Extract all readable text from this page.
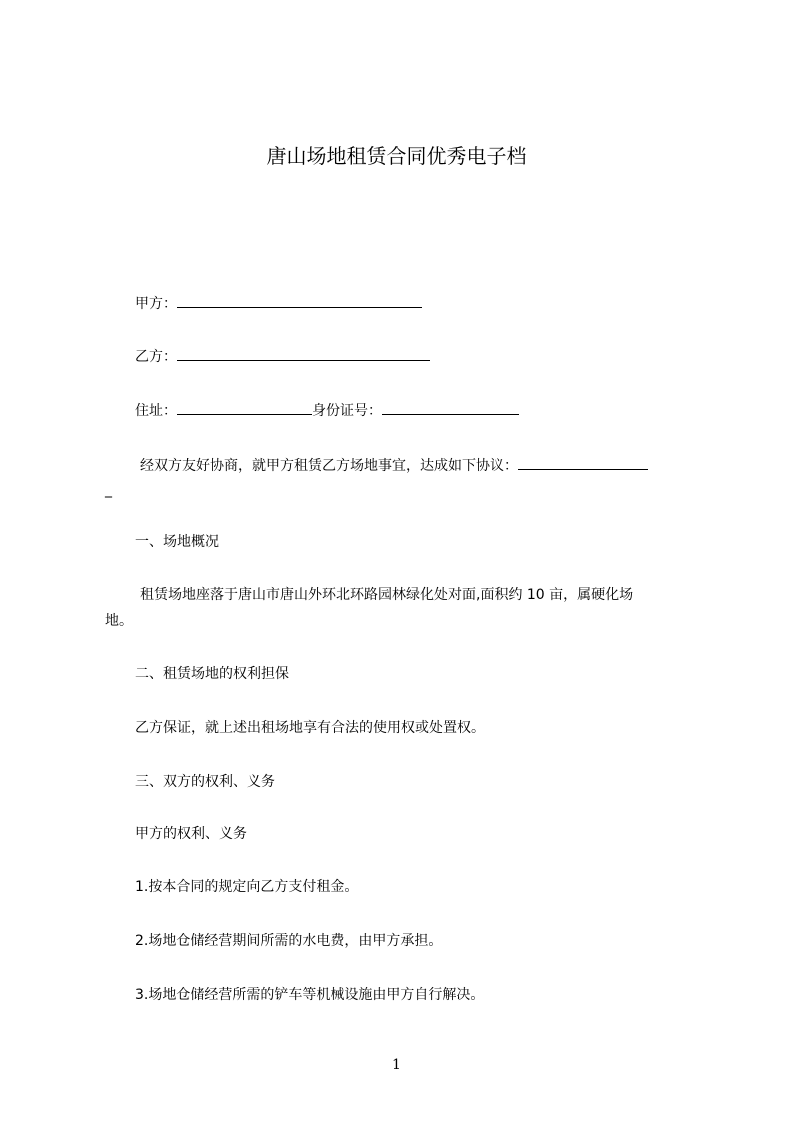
唐山场地租赁合同优秀电子档
甲方：
乙方：
住址：	身份证号：
经双方友好协商，就甲方租赁乙方场地事宜，达成如下协议：
_
一、场地概况
租赁场地座落于唐山市唐山外环北环路园林绿化处对面,面积约 10 亩，属硬化场
地。
二、租赁场地的权利担保
乙方保证，就上述出租场地享有合法的使用权或处置权。
三、双方的权利、义务
甲方的权利、义务
1.按本合同的规定向乙方支付租金。
2.场地仓储经营期间所需的水电费，由甲方承担。
3.场地仓储经营所需的铲车等机械设施由甲方自行解决。
1
